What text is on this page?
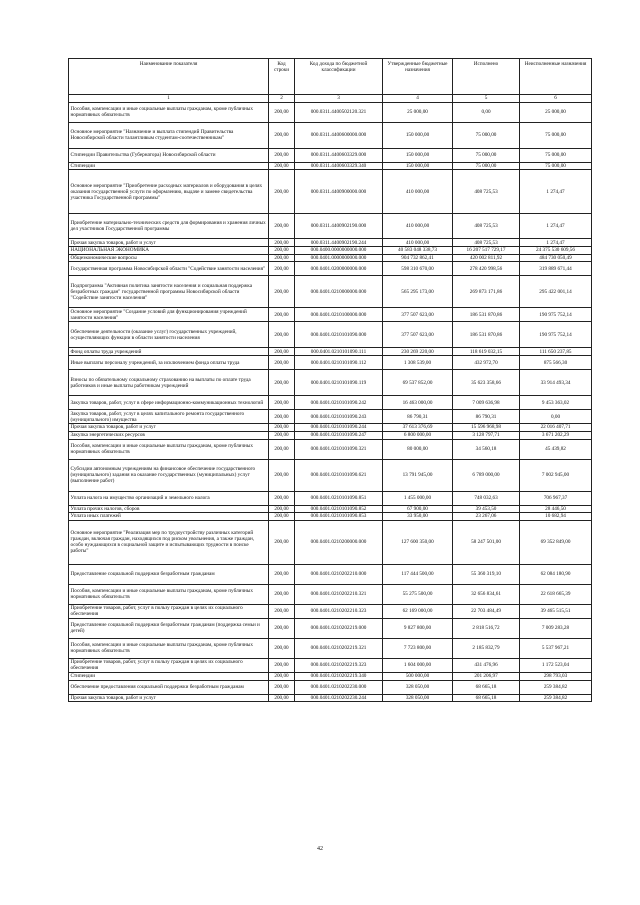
Наименование показателя	Код строки	Код дохода по бюджетной классификации	Утвержденные бюджетные назначения	Исполнено	Неисполненные назначения
1	2	3	4	5	6
Пособия, компенсации и иные социальные выплаты гражданам, кроме публичных нормативных обязательств	200,00	000.0311.4400502120.321	25 000,00	0,00	25 000,00
Основное мероприятие "Назначение и выплата стипендий Правительства Новосибирской области талантливым студентам-соотечественникам"	200,00	000.0311.4400600000.000	150 000,00	75 000,00	75 000,00
Стипендии Правительства (Губернатора) Новосибирской области	200,00	000.0311.4400603329.000	150 000,00	75 000,00	75 000,00
Стипендии	200,00	000.0311.4400603329.340	150 000,00	75 000,00	75 000,00
Основное мероприятие "Приобретение расходных материалов и оборудования в целях оказания государственной услуги по оформлению, выдаче и замене свидетельства участника Государственной программы"	200,00	000.0311.4400900000.000	410 000,00	408 725,53	1 274,47
Приобретение материально-технических средств для формирования и хранения личных дел участников Государственной программы	200,00	000.0311.4400902190.000	410 000,00	408 725,53	1 274,47
Прочая закупка товаров, работ и услуг	200,00	000.0311.4400902190.244	410 000,00	408 725,53	1 274,47
НАЦИОНАЛЬНАЯ ЭКОНОМИКА	200,00	000.0400.0000000000.000	40 583 048 338,73	16 207 517 729,17	24 375 530 609,56
Общеэкономические вопросы	200,00	000.0401.0000000000.000	904 732 862,41	420 002 811,92	484 730 050,49
Государственная программа Новосибирской области "Содействие занятости населения"	200,00	000.0401.0200000000.000	598 310 670,00	278 420 998,56	319 889 671,44
Подпрограмма "Активная политика занятости населения и социальная поддержка безработных граждан" государственной программы Новосибирской области "Содействие занятости населения"	200,00	000.0401.0210000000.000	565 295 173,00	269 873 171,86	295 422 001,14
Основное мероприятие "Создание условий для функционирования учреждений занятости населения"	200,00	000.0401.0210100000.000	377 507 623,00	186 531 870,86	190 975 752,14
Обеспечение деятельности (оказание услуг) государственных учреждений, осуществляющих функции в области занятости населения	200,00	000.0401.0210101090.000	377 507 623,00	186 531 870,86	190 975 752,14
Фонд оплаты труда учреждений	200,00	000.0401.0210101090.111	230 269 220,00	118 619 032,15	111 650 237,85
Иные выплаты персоналу учреждений, за исключением фонда оплаты труда	200,00	000.0401.0210101090.112	1 308 539,00	432 972,70	875 566,30
Взносы по обязательному социальному страхованию на выплаты по оплате труда работников и иные выплаты работникам учреждений	200,00	000.0401.0210101090.119	69 537 852,00	35 623 358,66	33 914 493,34
Закупка товаров, работ, услуг в сфере информационно-коммуникационных технологий	200,00	000.0401.0210101090.242	16 463 000,00	7 009 636,98	9 453 363,02
Закупка товаров, работ, услуг в целях капитального ремонта государственного (муниципального) имущества	200,00	000.0401.0210101090.243	86 790,31	86 790,31	0,00
Прочая закупка товаров, работ и услуг	200,00	000.0401.0210101090.244	37 613 376,69	15 596 968,98	22 016 407,71
Закупка энергетических ресурсов	200,00	000.0401.0210101090.247	6 800 000,00	3 128 797,71	3 671 202,29
Пособия, компенсации и иные социальные выплаты гражданам, кроме публичных нормативных обязательств	200,00	000.0401.0210101090.321	80 000,00	34 560,18	45 439,82
Субсидии автономным учреждениям на финансовое обеспечение государственного (муниципального) задания на оказание государственных (муниципальных) услуг (выполнение работ)	200,00	000.0401.0210101090.621	13 791 945,00	6 789 000,00	7 002 945,00
Уплата налога на имущество организаций и земельного налога	200,00	000.0401.0210101090.851	1 455 000,00	748 032,63	706 967,37
Уплата прочих налогов, сборов	200,00	000.0401.0210101090.852	67 900,00	39 453,50	28 446,50
Уплата иных платежей	200,00	000.0401.0210101090.853	33 950,00	23 267,06	10 682,94
Основное мероприятие "Реализация мер по трудоустройству различных категорий граждан, включая граждан, находящихся под риском увольнения, а также граждан, особо нуждающихся в социальной защите и испытывающих трудности в поиске работы"	200,00	000.0401.0210200000.000	127 600 350,00	58 247 501,00	69 352 849,00
Предоставление социальной поддержки безработным гражданам	200,00	000.0401.0210202210.000	117 444 500,00	55 360 319,10	62 084 180,90
Пособия, компенсации и иные социальные выплаты гражданам, кроме публичных нормативных обязательств	200,00	000.0401.0210202210.321	55 275 500,00	32 656 834,61	22 618 665,39
Приобретение товаров, работ, услуг в пользу граждан в целях их социального обеспечения	200,00	000.0401.0210202210.323	62 169 000,00	22 703 484,49	39 465 515,51
Предоставление социальной поддержки безработным гражданам (поддержка семьи и детей)	200,00	000.0401.0210202219.000	9 827 800,00	2 818 516,72	7 009 283,28
Пособия, компенсации и иные социальные выплаты гражданам, кроме публичных нормативных обязательств	200,00	000.0401.0210202219.321	7 723 800,00	2 185 832,79	5 537 967,21
Приобретение товаров, работ, услуг в пользу граждан в целях их социального обеспечения	200,00	000.0401.0210202219.323	1 604 000,00	431 476,96	1 172 523,04
Стипендии	200,00	000.0401.0210202219.340	500 000,00	201 206,97	298 793,03
Обеспечение предоставления социальной поддержки безработным гражданам	200,00	000.0401.0210202230.000	328 050,00	68 665,18	259 384,82
Прочая закупка товаров, работ и услуг	200,00	000.0401.0210202230.244	328 050,00	68 665,18	259 384,82
42
